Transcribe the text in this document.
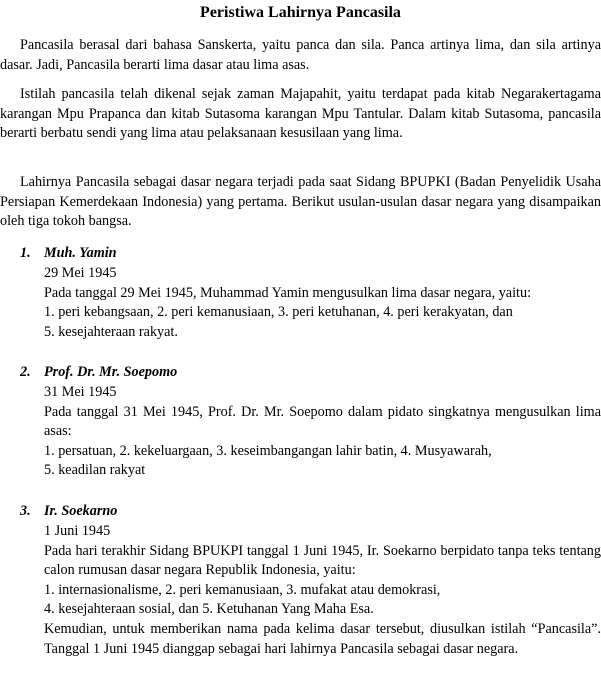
Peristiwa Lahirnya Pancasila

Pancasila berasal dari bahasa Sanskerta, yaitu panca dan sila. Panca artinya lima, dan sila artinya dasar. Jadi, Pancasila berarti lima dasar atau lima asas.

Istilah pancasila telah dikenal sejak zaman Majapahit, yaitu terdapat pada kitab Negarakertagama karangan Mpu Prapanca dan kitab Sutasoma karangan Mpu Tantular. Dalam kitab Sutasoma, pancasila berarti berbatu sendi yang lima atau pelaksanaan kesusilaan yang lima.

Lahirnya Pancasila sebagai dasar negara terjadi pada saat Sidang BPUPKI (Badan Penyelidik Usaha Persiapan Kemerdekaan Indonesia) yang pertama. Berikut usulan-usulan dasar negara yang disampaikan oleh tiga tokoh bangsa.

1. Muh. Yamin

29 Mei 1945

Pada tanggal 29 Mei 1945, Muhammad Yamin mengusulkan lima dasar negara, yaitu:

1. peri kebangsaan, 2. peri kemanusiaan, 3. peri ketuhanan, 4. peri kerakyatan, dan

5. kesejahteraan rakyat.

2. Prof. Dr. Mr. Soepomo

31 Mei 1945

Pada tanggal 31 Mei 1945, Prof. Dr. Mr. Soepomo dalam pidato singkatnya mengusulkan lima asas:

1. persatuan, 2. kekeluargaan, 3. keseimbangangan lahir batin, 4. Musyawarah,

5. keadilan rakyat

3. Ir. Soekarno

1 Juni 1945

Pada hari terakhir Sidang BPUKPI tanggal 1 Juni 1945, Ir. Soekarno berpidato tanpa teks tentang calon rumusan dasar negara Republik Indonesia, yaitu:

1. internasionalisme, 2. peri kemanusiaan, 3. mufakat atau demokrasi,

4. kesejahteraan sosial, dan 5. Ketuhanan Yang Maha Esa.

Kemudian, untuk memberikan nama pada kelima dasar tersebut, diusulkan istilah “Pancasila”. Tanggal 1 Juni 1945 dianggap sebagai hari lahirnya Pancasila sebagai dasar negara.
